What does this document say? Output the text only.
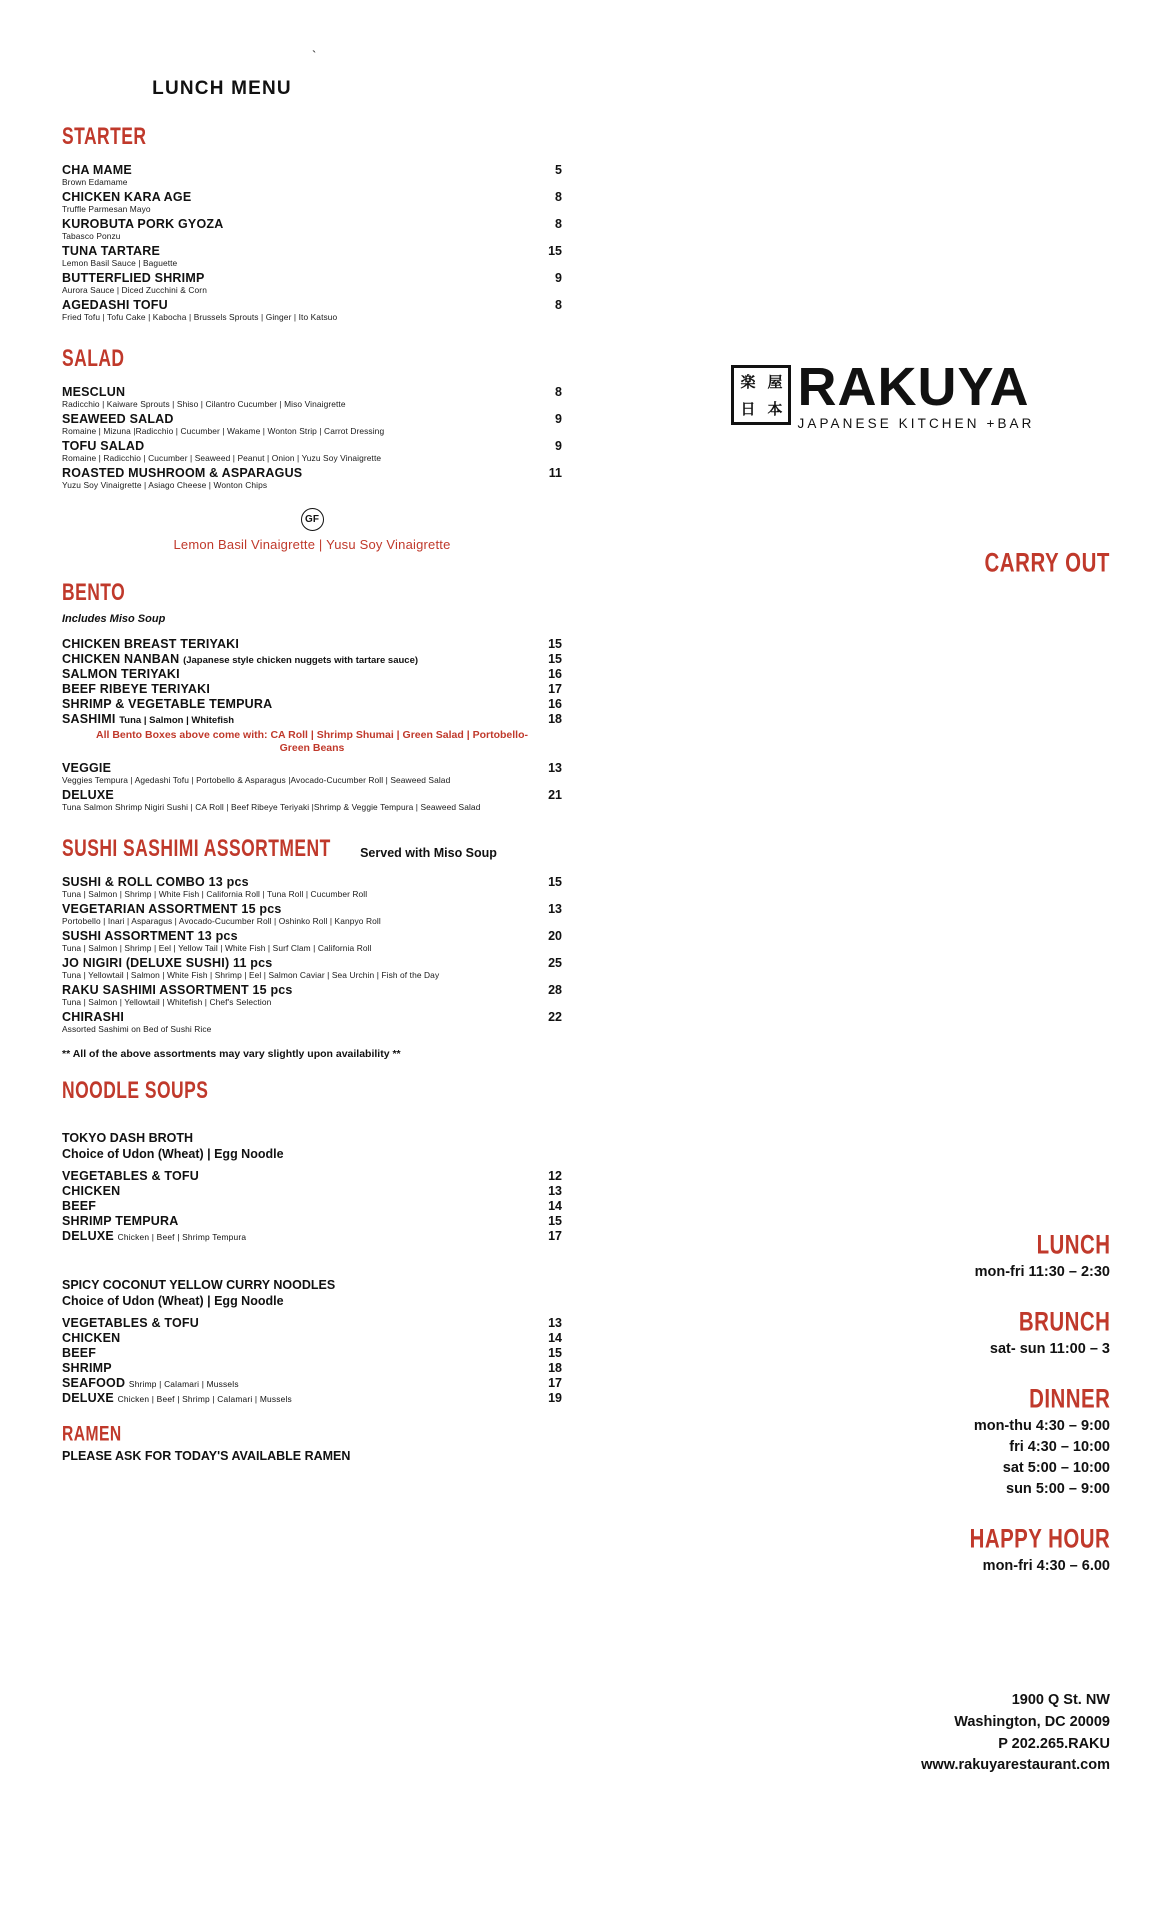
`
LUNCH MENU
STARTER
CHA MAME	5
Brown Edamame
CHICKEN KARA AGE	8
Truffle Parmesan Mayo
KUROBUTA PORK GYOZA	8
Tabasco Ponzu
TUNA TARTARE	15
Lemon Basil Sauce | Baguette
BUTTERFLIED SHRIMP	9
Aurora Sauce | Diced Zucchini & Corn
AGEDASHI TOFU	8
Fried Tofu | Tofu Cake | Kabocha | Brussels Sprouts | Ginger | Ito Katsuo
SALAD
MESCLUN	8
Radicchio | Kaiware Sprouts | Shiso | Cilantro Cucumber | Miso Vinaigrette
SEAWEED SALAD	9
Romaine | Mizuna |Radicchio | Cucumber | Wakame | Wonton Strip | Carrot Dressing
TOFU SALAD	9
Romaine | Radicchio | Cucumber | Seaweed | Peanut | Onion | Yuzu Soy Vinaigrette
ROASTED MUSHROOM & ASPARAGUS	11
Yuzu Soy Vinaigrette | Asiago Cheese | Wonton Chips
GF
Lemon Basil Vinaigrette | Yusu Soy Vinaigrette
BENTO
Includes Miso Soup
CHICKEN BREAST TERIYAKI	15
CHICKEN NANBAN (Japanese style chicken nuggets with tartare sauce)	15
SALMON TERIYAKI	16
BEEF RIBEYE TERIYAKI	17
SHRIMP & VEGETABLE TEMPURA	16
SASHIMI Tuna | Salmon | Whitefish	18
All Bento Boxes above come with: CA Roll | Shrimp Shumai | Green Salad | Portobello-Green Beans
VEGGIE	13
Veggies Tempura | Agedashi Tofu | Portobello & Asparagus |Avocado-Cucumber Roll | Seaweed Salad
DELUXE	21
Tuna Salmon Shrimp Nigiri Sushi | CA Roll | Beef Ribeye Teriyaki |Shrimp & Veggie Tempura | Seaweed Salad
SUSHI SASHIMI ASSORTMENT Served with Miso Soup
SUSHI & ROLL COMBO 13 pcs	15
Tuna | Salmon | Shrimp | White Fish | California Roll | Tuna Roll | Cucumber Roll
VEGETARIAN ASSORTMENT 15 pcs	13
Portobello | Inari | Asparagus | Avocado-Cucumber Roll | Oshinko Roll | Kanpyo Roll
SUSHI ASSORTMENT 13 pcs	20
Tuna | Salmon | Shrimp | Eel | Yellow Tail | White Fish | Surf Clam | California Roll
JO NIGIRI (DELUXE SUSHI) 11 pcs	25
Tuna | Yellowtail | Salmon | White Fish | Shrimp | Eel | Salmon Caviar | Sea Urchin | Fish of the Day
RAKU SASHIMI ASSORTMENT 15 pcs	28
Tuna | Salmon | Yellowtail | Whitefish | Chef's Selection
CHIRASHI	22
Assorted Sashimi on Bed of Sushi Rice
** All of the above assortments may vary slightly upon availability **
NOODLE SOUPS
TOKYO DASH BROTH
Choice of Udon (Wheat) | Egg Noodle
VEGETABLES & TOFU	12
CHICKEN	13
BEEF	14
SHRIMP TEMPURA	15
DELUXE Chicken | Beef | Shrimp Tempura	17
SPICY COCONUT YELLOW CURRY NOODLES
Choice of Udon (Wheat) | Egg Noodle
VEGETABLES & TOFU	13
CHICKEN	14
BEEF	15
SHRIMP	18
SEAFOOD Shrimp | Calamari | Mussels	17
DELUXE Chicken | Beef | Shrimp | Calamari | Mussels	19
RAMEN
PLEASE ASK FOR TODAY'S AVAILABLE RAMEN
楽 屋
日 本 RAKUYA
JAPANESE KITCHEN +BAR
CARRY OUT
LUNCH
mon-fri 11:30 – 2:30
BRUNCH
sat- sun 11:00 – 3
DINNER
mon-thu 4:30 – 9:00
fri 4:30 – 10:00
sat 5:00 – 10:00
sun 5:00 – 9:00
HAPPY HOUR
mon-fri 4:30 – 6.00
1900 Q St. NW
Washington, DC 20009
P 202.265.RAKU
www.rakuyarestaurant.com
